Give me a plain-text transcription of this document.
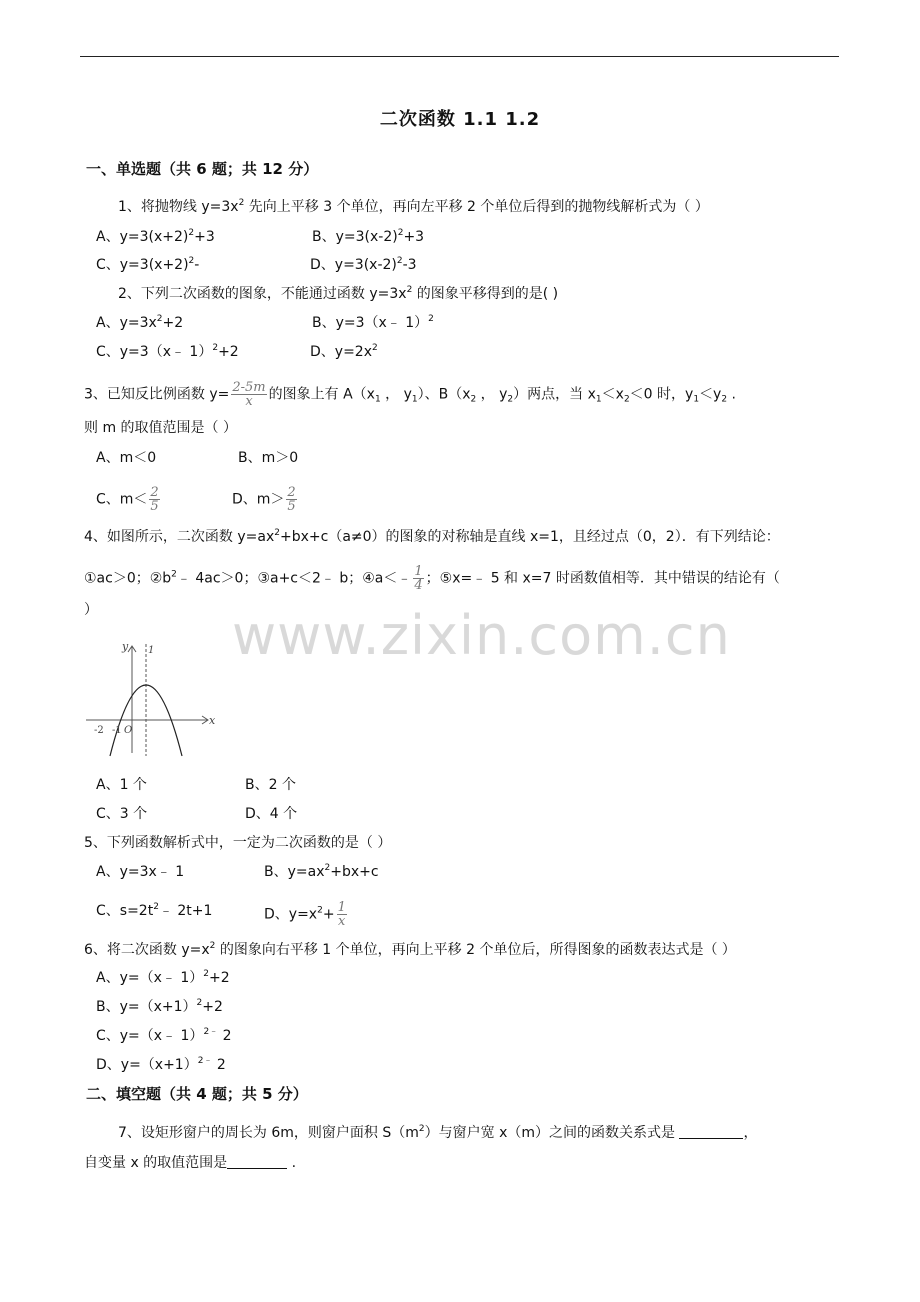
二次函数 1.1 1.2
www.zixin.com.cn
一、单选题（共 6 题；共 12 分）
1、将抛物线 $y=3x^2$ 先向上平移 3 个单位，再向左平移 2 个单位后得到的抛物线解析式为（ ）
A、$y=3(x+2)^2+3$	B、$y=3(x-2)^2+3$
C、$y=3(x+2)^2-$	D、$y=3(x-2)^2-3$
2、下列二次函数的图象，不能通过函数 $y=3x^2$ 的图象平移得到的是( )
A、$y=3x^2+2$	B、y=3（x﹣ 1）$^2$
C、y=3（x﹣ 1）$^2$+2	D、$y=2x^2$
3、已知反比例函数 $y= \frac{2-5m}{x}$ 的图象上有 $A(x_1$ ， $y_1$）、$B(x_2$ ， $y_2$）两点，当 $x_1<x_2<0$ 时，$y_1<y_2$ .
则 m 的取值范围是（ ）
A、m＜0	B、m＞0
C、$m< \frac{2}{5}$	D、$m> \frac{2}{5}$
4、如图所示，二次函数 $y=ax^2+bx+c(a\ne 0)$的图象的对称轴是直线 x=1，且经过点（0，2）．有下列结论：
①ac＞0；$②b^2﹣$ 4ac＞0；③a+c＜2﹣ b；④a＜﹣ $\frac{1}{4}$ ；⑤x=﹣ 5 和 x=7 时函数值相等．其中错误的结论有（
）
x
y 1
-2 -1 O
A、1 个	B、2 个
C、3 个	D、4 个
5、下列函数解析式中，一定为二次函数的是（ ）
A、y=3x﹣ 1	B、$y=ax^2+bx+c$
C、$s=2t^2﹣$ 2t+1	D、$y=x^2+ \frac{1}{x}$
6、将二次函数 $y=x^2$ 的图象向右平移 1 个单位，再向上平移 2 个单位后，所得图象的函数表达式是（ ）
A、y=（x﹣ 1）$^2$+2
B、$y=(x+1)^2+2$
C、y=（x﹣ 1）$^{2﹣}$ 2
D、$y=(x+1)^{2﹣}$ 2
二、填空题（共 4 题；共 5 分）
7、设矩形窗户的周长为 6m，则窗户面积 $S(m^2)$与窗户宽 x（m）之间的函数关系式是	，
自变量 x 的取值范围是	.
